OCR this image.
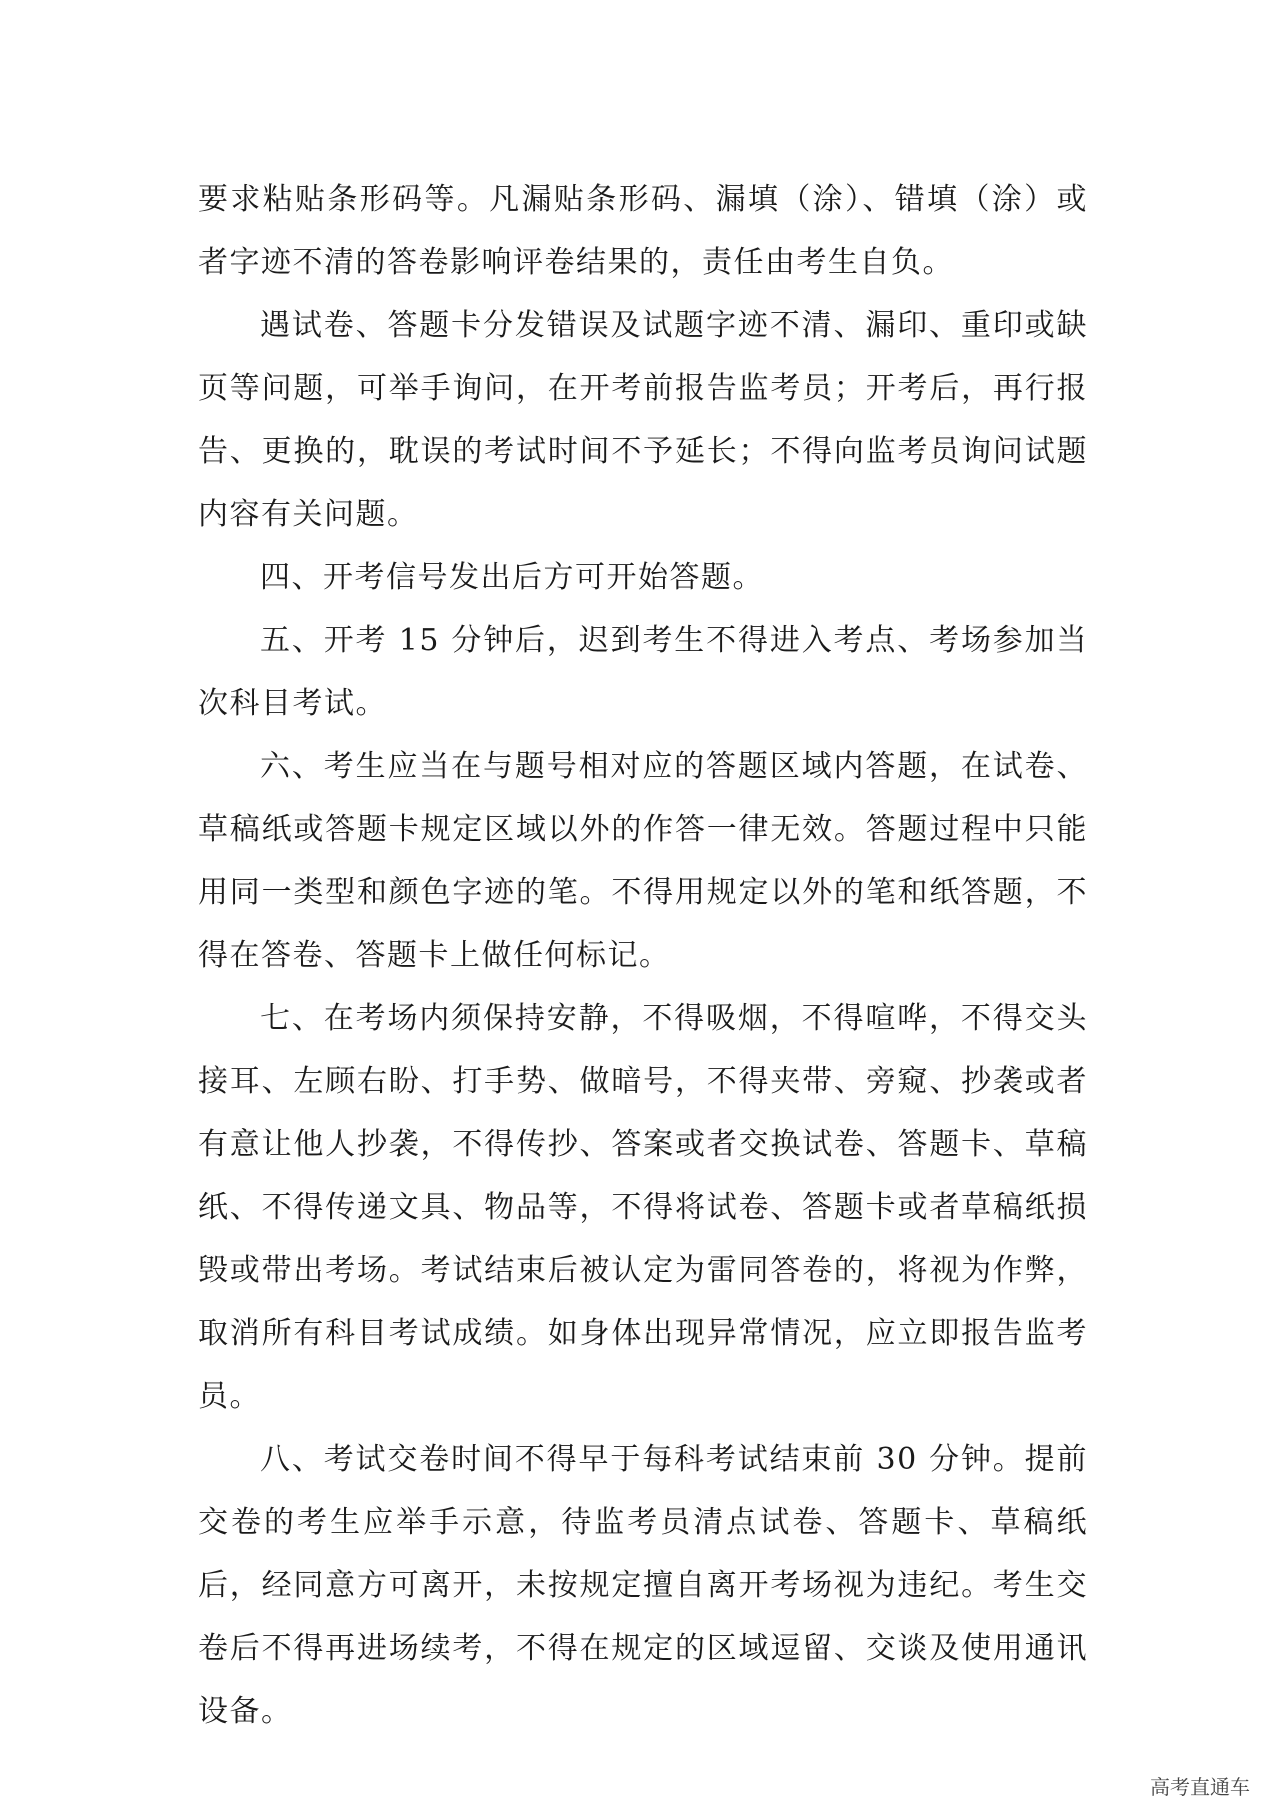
要求粘贴条形码等。凡漏贴条形码、漏填（涂）、错填（涂）或者字迹不清的答卷影响评卷结果的，责任由考生自负。

遇试卷、答题卡分发错误及试题字迹不清、漏印、重印或缺页等问题，可举手询问，在开考前报告监考员；开考后，再行报告、更换的，耽误的考试时间不予延长；不得向监考员询问试题内容有关问题。

四、开考信号发出后方可开始答题。

五、开考 15 分钟后，迟到考生不得进入考点、考场参加当次科目考试。

六、考生应当在与题号相对应的答题区域内答题，在试卷、草稿纸或答题卡规定区域以外的作答一律无效。答题过程中只能用同一类型和颜色字迹的笔。不得用规定以外的笔和纸答题，不得在答卷、答题卡上做任何标记。

七、在考场内须保持安静，不得吸烟，不得喧哗，不得交头接耳、左顾右盼、打手势、做暗号，不得夹带、旁窥、抄袭或者有意让他人抄袭，不得传抄、答案或者交换试卷、答题卡、草稿纸、不得传递文具、物品等，不得将试卷、答题卡或者草稿纸损毁或带出考场。考试结束后被认定为雷同答卷的，将视为作弊，取消所有科目考试成绩。如身体出现异常情况，应立即报告监考员。

八、考试交卷时间不得早于每科考试结束前 30 分钟。提前交卷的考生应举手示意，待监考员清点试卷、答题卡、草稿纸后，经同意方可离开，未按规定擅自离开考场视为违纪。考生交卷后不得再进场续考，不得在规定的区域逗留、交谈及使用通讯设备。

高考直通车
